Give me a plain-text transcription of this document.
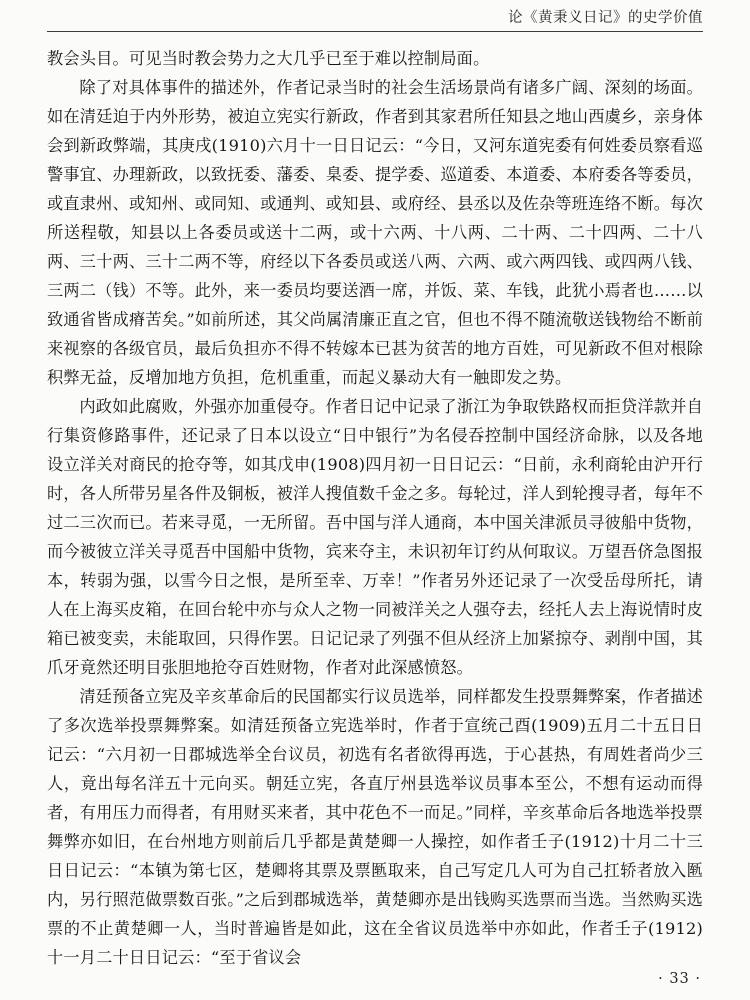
论《黄秉义日记》的史学价值

教会头目。可见当时教会势力之大几乎已至于难以控制局面。

除了对具体事件的描述外，作者记录当时的社会生活场景尚有诸多广阔、深刻的场面。如在清廷迫于内外形势，被迫立宪实行新政，作者到其家君所任知县之地山西虞乡，亲身体会到新政弊端，其庚戌(1910)六月十一日日记云：“今日，又河东道宪委有何姓委员察看巡警事宜、办理新政，以致抚委、藩委、臬委、提学委、巡道委、本道委、本府委各等委员，或直隶州、或知州、或同知、或通判、或知县、或府经、县丞以及佐杂等班连络不断。每次所送程敬，知县以上各委员或送十二两，或十六两、十八两、二十两、二十四两、二十八两、三十两、三十二两不等，府经以下各委员或送八两、六两、或六两四钱、或四两八钱、三两二（钱）不等。此外，来一委员均要送酒一席，并饭、菜、车钱，此犹小焉者也……以致通省皆成瘠苦矣。”如前所述，其父尚属清廉正直之官，但也不得不随流敬送钱物给不断前来视察的各级官员，最后负担亦不得不转嫁本已甚为贫苦的地方百姓，可见新政不但对根除积弊无益，反增加地方负担，危机重重，而起义暴动大有一触即发之势。

内政如此腐败，外强亦加重侵夺。作者日记中记录了浙江为争取铁路权而拒贷洋款并自行集资修路事件，还记录了日本以设立“日中银行”为名侵吞控制中国经济命脉，以及各地设立洋关对商民的抢夺等，如其戊申(1908)四月初一日日记云：“日前，永利商轮由沪开行时，各人所带另星各件及铜板，被洋人搜值数千金之多。每轮过，洋人到轮搜寻者，每年不过二三次而已。若来寻觅，一无所留。吾中国与洋人通商，本中国关津派员寻彼船中货物，而今被彼立洋关寻觅吾中国船中货物，宾来夺主，未识初年订约从何取议。万望吾侪急图报本，转弱为强，以雪今日之恨，是所至幸、万幸！”作者另外还记录了一次受岳母所托，请人在上海买皮箱，在回台轮中亦与众人之物一同被洋关之人强夺去，经托人去上海说情时皮箱已被变卖，未能取回，只得作罢。日记记录了列强不但从经济上加紧掠夺、剥削中国，其爪牙竟然还明目张胆地抢夺百姓财物，作者对此深感愤怒。

清廷预备立宪及辛亥革命后的民国都实行议员选举，同样都发生投票舞弊案，作者描述了多次选举投票舞弊案。如清廷预备立宪选举时，作者于宣统己酉(1909)五月二十五日日记云：“六月初一日郡城选举全台议员，初选有名者欲得再选，于心甚热，有周姓者尚少三人，竟出每名洋五十元向买。朝廷立宪，各直厅州县选举议员事本至公，不想有运动而得者，有用压力而得者，有用财买来者，其中花色不一而足。”同样，辛亥革命后各地选举投票舞弊亦如旧，在台州地方则前后几乎都是黄楚卿一人操控，如作者壬子(1912)十月二十三日日记云：“本镇为第七区，楚卿将其票及票匦取来，自己写定几人可为自己扛轿者放入匦内，另行照范做票数百张。”之后到郡城选举，黄楚卿亦是出钱购买选票而当选。当然购买选票的不止黄楚卿一人，当时普遍皆是如此，这在全省议员选举中亦如此，作者壬子(1912)十一月二十日日记云：“至于省议会

· 33 ·
